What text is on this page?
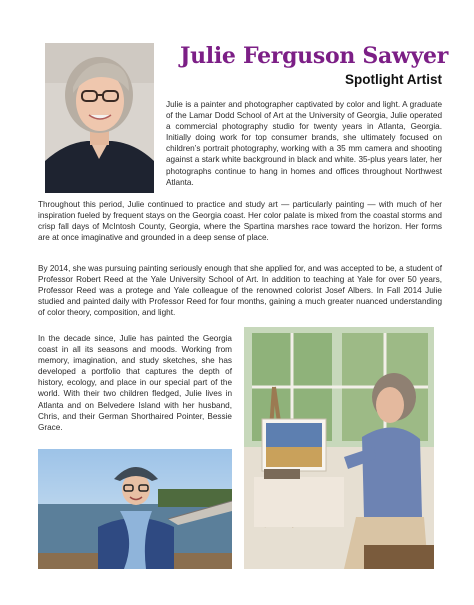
Julie Ferguson Sawyer
Spotlight Artist
Julie is a painter and photographer captivated by color and light. A graduate of the Lamar Dodd School of Art at the University of Georgia, Julie operated a commercial photography studio for twenty years in Atlanta, Georgia. Initially doing work for top consumer brands, she ultimately focused on children’s portrait photography, working with a 35 mm camera and shooting against a stark white background in black and white. 35-plus years later, her photographs continue to hang in homes and offices throughout Northwest Atlanta.
Throughout this period, Julie continued to practice and study art — particularly painting — with much of her inspiration fueled by frequent stays on the Georgia coast. Her color palate is mixed from the coastal storms and crisp fall days of McIntosh County, Georgia, where the Spartina marshes race toward the horizon. Her forms are at once imaginative and grounded in a deep sense of place.
By 2014, she was pursuing painting seriously enough that she applied for, and was accepted to be, a student of Professor Robert Reed at the Yale University School of Art. In addition to teaching at Yale for over 50 years, Professor Reed was a protege and Yale colleague of the renowned colorist Josef Albers. In Fall 2014 Julie studied and painted daily with Professor Reed for four months, gaining a much greater nuanced understanding of color theory, composition, and light.
In the decade since, Julie has painted the Georgia coast in all its seasons and moods. Working from memory, imagination, and study sketches, she has developed a portfolio that captures the depth of history, ecology, and place in our special part of the world. With their two children fledged, Julie lives in Atlanta and on Belvedere Island with her husband, Chris, and their German Shorthaired Pointer, Bessie Grace.
